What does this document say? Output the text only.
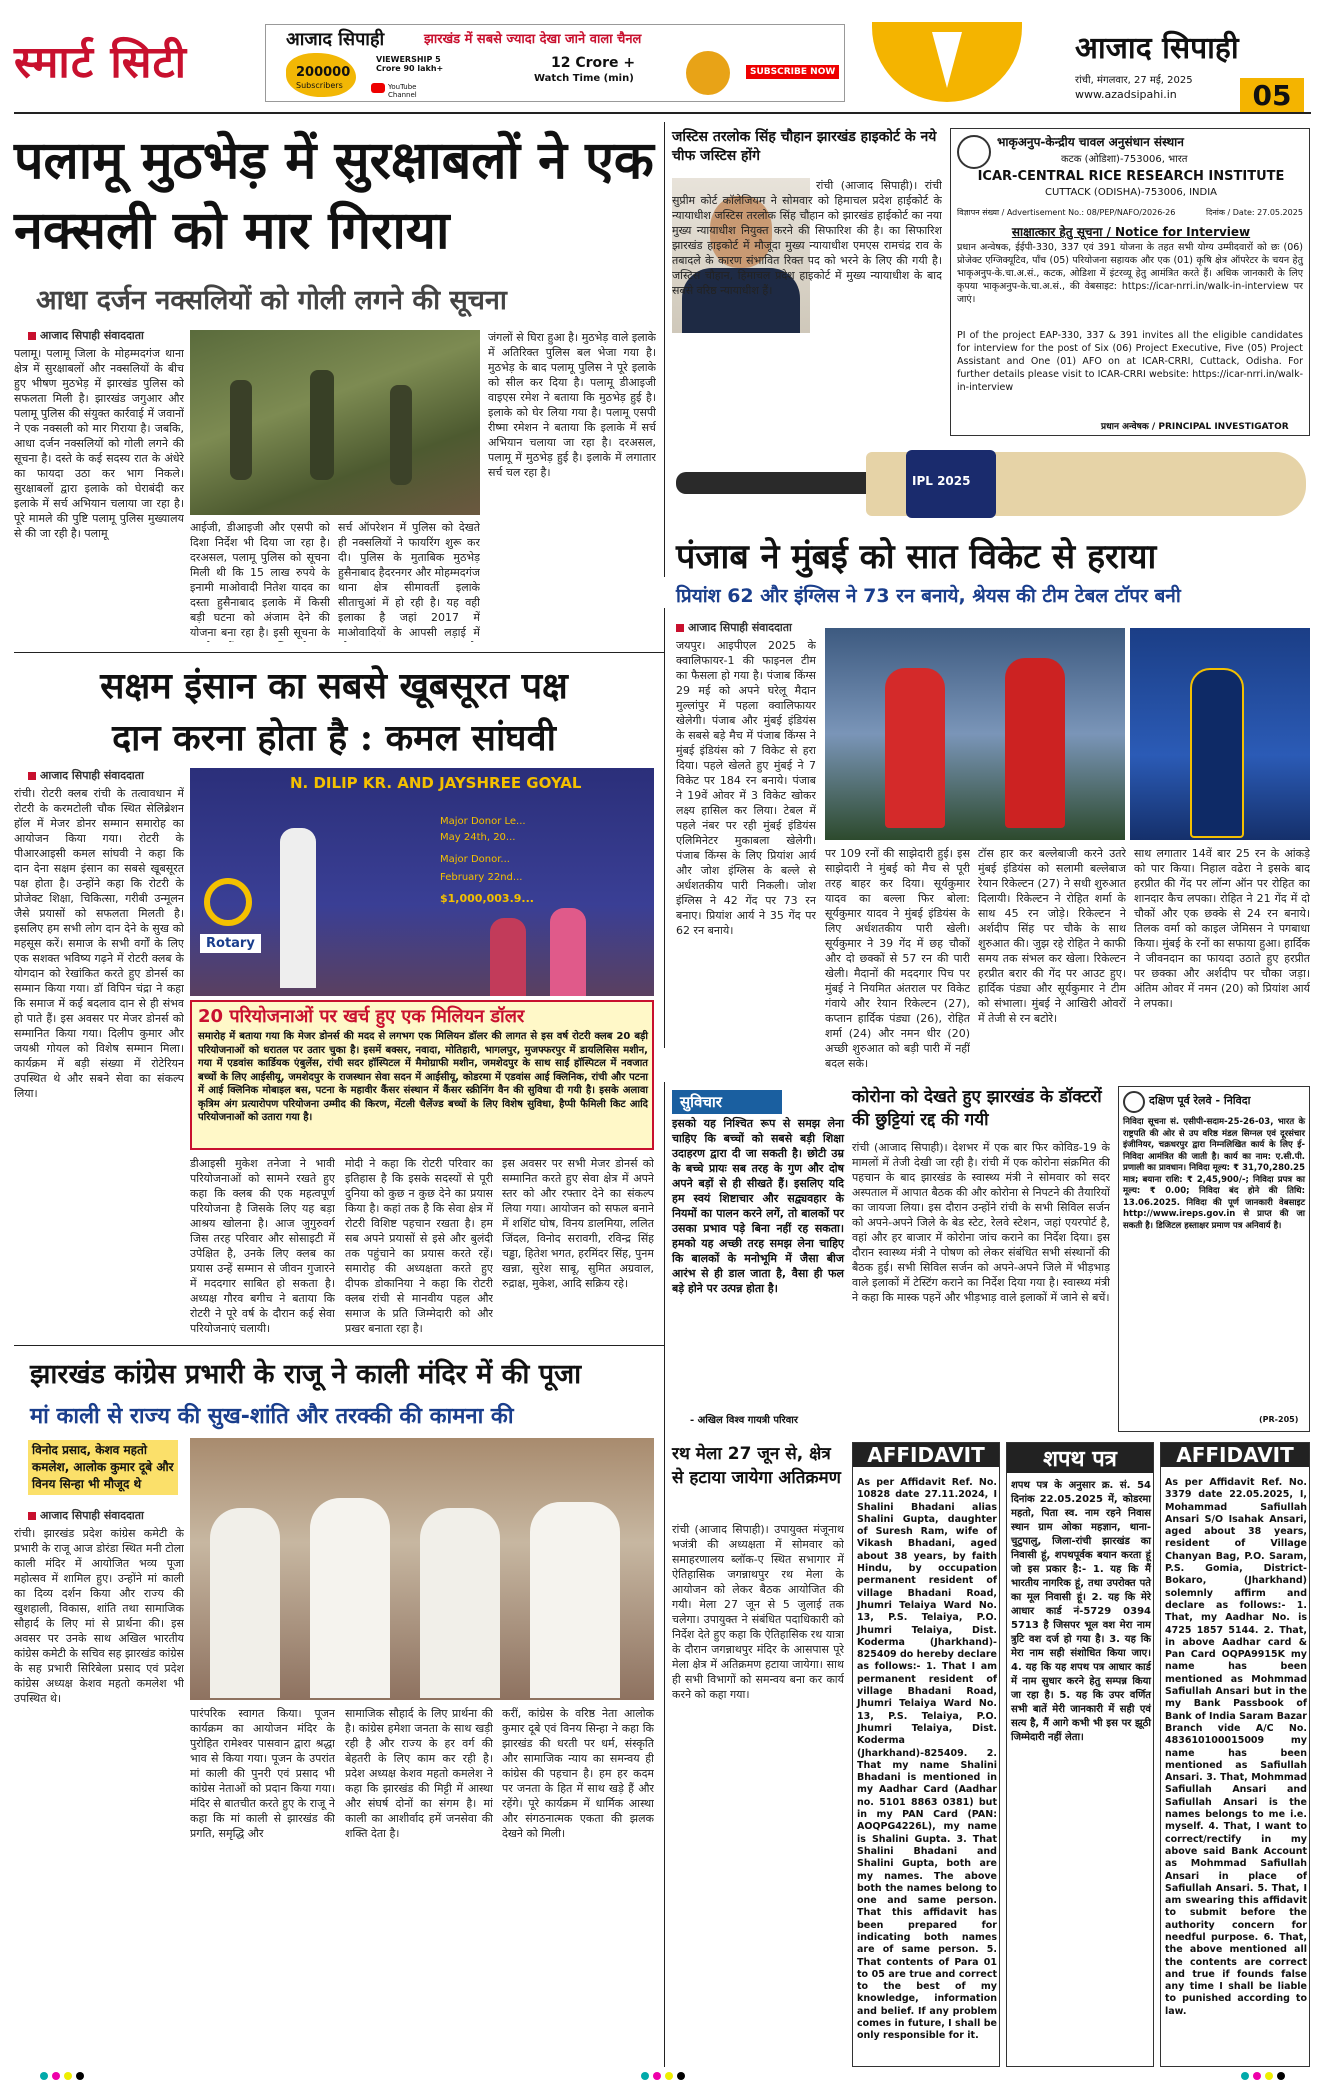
स्मार्ट सिटी	आजाद सिपाही	झारखंड में सबसे ज्यादा देखा जाने वाला चैनल
200000
Subscribers
VIEWERSHIP 5 Crore 90 lakh+
YouTube Channel
12 Crore +
Watch Time (min)
SUBSCRIBE NOW
आजाद सिपाही
रांची, मंगलवार, 27 मई, 2025
www.azadsipahi.in	05
पलामू मुठभेड़ में सुरक्षाबलों ने एक नक्सली को मार गिराया
आधा दर्जन नक्सलियों को गोली लगने की सूचना
आजाद सिपाही संवाददाता
पलामू। पलामू जिला के मोहम्मदगंज थाना क्षेत्र में सुरक्षाबलों और नक्सलियों के बीच हुए भीषण मुठभेड़ में झारखंड पुलिस को सफलता मिली है। झारखंड जगुआर और पलामू पुलिस की संयुक्त कार्रवाई में जवानों ने एक नक्सली को मार गिराया है। जबकि, आधा दर्जन नक्सलियों को गोली लगने की सूचना है। दस्ते के कई सदस्य रात के अंधेरे का फायदा उठा कर भाग निकले। सुरक्षाबलों द्वारा इलाके को घेराबंदी कर इलाके में सर्च अभियान चलाया जा रहा है। पूरे मामले की पुष्टि पलामू पुलिस मुख्यालय से की जा रही है। पलामू	आईजी, डीआइजी और एसपी को दिशा निर्देश भी दिया जा रहा है। दरअसल, पलामू पुलिस को सूचना मिली थी कि 15 लाख रुपये के इनामी माओवादी नितेश यादव का दस्ता हुसैनाबाद इलाके में किसी बड़ी घटना को अंजाम देने की योजना बना रहा है। इसी सूचना के
सर्च ऑपरेशन में पुलिस को देखते ही नक्सलियों ने फायरिंग शुरू कर दी। पुलिस के मुताबिक मुठभेड़ हुसैनाबाद हैदरनगर और मोहम्मदगंज थाना क्षेत्र सीमावर्ती इलाके सीताचुआं में हो रही है। यह वही इलाका है जहां 2017 में माओवादियों के आपसी लड़ाई में
जंगलों से घिरा हुआ है। मुठभेड़ वाले इलाके में अतिरिक्त पुलिस बल भेजा गया है। मुठभेड़ के बाद पलामू पुलिस ने पूरे इलाके को सील कर दिया है। पलामू डीआइजी वाइएस रमेश ने बताया कि मुठभेड़ हुई है। इलाके को घेर लिया गया है। पलामू एसपी रीष्मा रमेशन ने बताया कि इलाके में सर्च अभियान चलाया जा रहा है। दरअसल, पलामू में मुठभेड़ हुई है। इलाके में लगातार सर्च चल रहा है।
जस्टिस तरलोक सिंह चौहान झारखंड हाइकोर्ट के नये चीफ जस्टिस होंगे
रांची (आजाद सिपाही)। रांची सुप्रीम कोर्ट कॉलेजियम ने सोमवार को हिमाचल प्रदेश हाईकोर्ट के न्यायाधीश जस्टिस तरलोक सिंह चौहान को झारखंड हाईकोर्ट का नया मुख्य न्यायाधीश नियुक्त करने की सिफारिश की है। का सिफारिश झारखंड हाइकोर्ट में मौजूदा मुख्य न्यायाधीश एमएस रामचंद्र राव के तबादले के कारण संभावित रिक्त पद को भरने के लिए की गयी है। जस्टिस चौहान, हिमाचल प्रदेश हाइकोर्ट में मुख्य न्यायाधीश के बाद सबसे वरिष्ठ न्यायाधीश हैं।
भाकृअनुप-केन्द्रीय चावल अनुसंधान संस्थान
कटक (ओडिशा)-753006, भारत
ICAR-CENTRAL RICE RESEARCH INSTITUTE
CUTTACK (ODISHA)-753006, INDIA
विज्ञापन संख्या / Advertisement No.: 08/PEP/NAFO/2026-26	दिनांक / Date: 27.05.2025
साक्षात्कार हेतु सूचना / Notice for Interview
प्रधान अन्वेषक, ईईपी-330, 337 एवं 391 योजना के तहत सभी योग्य उम्मीदवारों को छः (06) प्रोजेक्ट एग्जिक्यूटिव, पाँच (05) परियोजना सहायक और एक (01) कृषि क्षेत्र ऑपरेटर के चयन हेतु भाकृअनुप-के.चा.अ.सं., कटक, ओडिशा में इंटरव्यू हेतु आमंत्रित करते हैं। अधिक जानकारी के लिए कृपया भाकृअनुप-के.चा.अ.सं., की वेबसाइट: https://icar-nrri.in/walk-in-interview पर जाएं।
PI of the project EAP-330, 337 & 391 invites all the eligible candidates for interview for the post of Six (06) Project Executive, Five (05) Project Assistant and One (01) AFO on at ICAR-CRRI, Cuttack, Odisha. For further details please visit to ICAR-CRRI website: https://icar-nrri.in/walk-in-interview
प्रधान अन्वेषक / PRINCIPAL INVESTIGATOR
IPL 2025
पंजाब ने मुंबई को सात विकेट से हराया
प्रियांश 62 और इंग्लिस ने 73 रन बनाये, श्रेयस की टीम टेबल टॉपर बनी
आजाद सिपाही संवाददाता
जयपुर। आइपीएल 2025 के क्वालिफायर-1 की फाइनल टीम का फैसला हो गया है। पंजाब किंग्स 29 मई को अपने घरेलू मैदान मुल्लांपुर में पहला क्वालिफायर खेलेगी। पंजाब और मुंबई इंडियंस के सबसे बड़े मैच में पंजाब किंग्स ने मुंबई इंडियंस को 7 विकेट से हरा दिया। पहले खेलते हुए मुंबई ने 7 विकेट पर 184 रन बनाये। पंजाब ने 19वें ओवर में 3 विकेट खोकर लक्ष्य हासिल कर लिया। टेबल में पहले नंबर पर रही मुंबई इंडियंस एलिमिनेटर मुकाबला खेलेगी। पंजाब किंग्स के लिए प्रियांश आर्य और जोश इंग्लिस के बल्ले से अर्धशतकीय पारी निकली। जोश इंग्लिस ने 42 गेंद पर 73 रन बनाए। प्रियांश आर्य ने 35 गेंद पर 62 रन बनाये।
पर 109 रनों की साझेदारी हुई। इस साझेदारी ने मुंबई को मैच से पूरी तरह बाहर कर दिया। सूर्यकुमार यादव का बल्ला फिर बोला: सूर्यकुमार यादव ने मुंबई इंडियंस के लिए अर्धशतकीय पारी खेली। सूर्यकुमार ने 39 गेंद में छह चौकों और दो छक्कों से 57 रन की पारी खेली। मैदानों की मददगार पिच पर मुंबई ने नियमित अंतराल पर विकेट गंवाये और रेयान रिकेल्टन (27), कप्तान हार्दिक पंड्या (26), रोहित शर्मा (24) और नमन धीर (20) अच्छी शुरुआत को बड़ी पारी में नहीं बदल सके।
टॉस हार कर बल्लेबाजी करने उतरे मुंबई इंडियंस को सलामी बल्लेबाज रेयान रिकेल्टन (27) ने सधी शुरुआत दिलायी। रिकेल्टन ने रोहित शर्मा के साथ 45 रन जोड़े। रिकेल्टन ने अर्शदीप सिंह पर चौके के साथ शुरुआत की। जुझ रहे रोहित ने काफी समय तक संभल कर खेला। रिकेल्टन हरप्रीत बरार की गेंद पर आउट हुए। हार्दिक पंड्या और सूर्यकुमार ने टीम को संभाला। मुंबई ने आखिरी ओवरों में तेजी से रन बटोरे।
साथ लगातार 14वें बार 25 रन के आंकड़े को पार किया। निहाल वढेरा ने इसके बाद हरप्रीत की गेंद पर लॉन्ग ऑन पर रोहित का शानदार कैच लपका। रोहित ने 21 गेंद में दो चौकों और एक छक्के से 24 रन बनाये। तिलक वर्मा को काइल जेमिसन ने पगबाधा किया। मुंबई के रनों का सफाया हुआ। हार्दिक ने जीवनदान का फायदा उठाते हुए हरप्रीत पर छक्का और अर्शदीप पर चौका जड़ा। अंतिम ओवर में नमन (20) को प्रियांश आर्य ने लपका।
सक्षम इंसान का सबसे खूबसूरत पक्ष
दान करना होता है : कमल सांघवी
आजाद सिपाही संवाददाता
रांची। रोटरी क्लब रांची के तत्वावधान में रोटरी के करमटोली चौक स्थित सेलिब्रेशन हॉल में मेजर डोनर सम्मान समारोह का आयोजन किया गया। रोटरी के पीआरआइसी कमल सांघवी ने कहा कि दान देना सक्षम इंसान का सबसे खूबसूरत पक्ष होता है। उन्होंने कहा कि रोटरी के प्रोजेक्ट शिक्षा, चिकित्सा, गरीबी उन्मूलन जैसे प्रयासों को सफलता मिलती है। इसलिए हम सभी लोग दान देने के सुख को महसूस करें। समाज के सभी वर्गों के लिए एक सशक्त भविष्य गढ़ने में रोटरी क्लब के योगदान को रेखांकित करते हुए डोनर्स का सम्मान किया गया। डॉ विपिन चंद्रा ने कहा कि समाज में कई बदलाव दान से ही संभव हो पाते हैं। इस अवसर पर मेजर डोनर्स को सम्मानित किया गया। दिलीप कुमार और जयश्री गोयल को विशेष सम्मान मिला। कार्यक्रम में बड़ी संख्या में रोटेरियन उपस्थित थे और सबने सेवा का संकल्प लिया।
N. DILIP KR. AND JAYSHREE GOYAL
Major Donor Le...
May 24th, 20...
Major Donor...
February 22nd...
$1,000,003.9...
Rotary
20 परियोजनाओं पर खर्च हुए एक मिलियन डॉलर
समारोह में बताया गया कि मेजर डोनर्स की मदद से लगभग एक मिलियन डॉलर की लागत से इस वर्ष रोटरी क्लब 20 बड़ी परियोजनाओं को धरातल पर उतार चुका है। इसमें बक्सर, नवादा, मोतिहारी, भागलपुर, मुजफ्फरपुर में डायलिसिस मशीन, गया में एडवांस कार्डियक एंबुलेंस, रांची सदर हॉस्पिटल में मैमोग्राफी मशीन, जमशेदपुर के साथ साईं हॉस्पिटल में नवजात बच्चों के लिए आईसीयू, जमशेदपुर के राजस्थान सेवा सदन में आईसीयू, कोडरमा में एडवांस आई क्लिनिक, रांची और पटना में आई क्लिनिक मोबाइल बस, पटना के महावीर कैंसर संस्थान में कैंसर स्क्रीनिंग वैन की सुविधा दी गयी है। इसके अलावा कृत्रिम अंग प्रत्यारोपण परियोजना उम्मीद की किरण, मेंटली चैलेंज्ड बच्चों के लिए विशेष सुविधा, हैप्पी फैमिली किट आदि परियोजनाओं को उतारा गया है।
डीआइसी मुकेश तनेजा ने भावी परियोजनाओं को सामने रखते हुए कहा कि क्लब की एक महत्वपूर्ण परियोजना है जिसके लिए यह बड़ा आश्रय खोलना है। आज जुगुरुवर्ग जिस तरह परिवार और सोसाइटी में उपेक्षित है, उनके लिए क्लब का प्रयास उन्हें सम्मान से जीवन गुजारने में मददगार साबित हो सकता है। अध्यक्ष गौरव बगीच ने बताया कि रोटरी ने पूरे वर्ष के दौरान कई सेवा परियोजनाएं चलायी।
मोदी ने कहा कि रोटरी परिवार का इतिहास है कि इसके सदस्यों से पूरी दुनिया को कुछ न कुछ देने का प्रयास किया है। कहां तक है कि सेवा क्षेत्र में रोटरी विशिष्ट पहचान रखता है। हम सब अपने प्रयासों से इसे और बुलंदी तक पहुंचाने का प्रयास करते रहें। समारोह की अध्यक्षता करते हुए दीपक डोकानिया ने कहा कि रोटरी क्लब रांची से मानवीय पहल और समाज के प्रति जिम्मेदारी को और प्रखर बनाता रहा है।
इस अवसर पर सभी मेजर डोनर्स को सम्मानित करते हुए सेवा क्षेत्र में अपने स्तर को और रफ्तार देने का संकल्प लिया गया। आयोजन को सफल बनाने में शशिंट घोष, विनय डालमिया, ललित जिंदल, विनोद सरावगी, रविन्द्र सिंह चड्ढा, हितेश भगत, हरमिंदर सिंह, पुनम खन्ना, सुरेश साबू, सुमित अग्रवाल, रुद्राक्ष, मुकेश, आदि सक्रिय रहे।
झारखंड कांग्रेस प्रभारी के राजू ने काली मंदिर में की पूजा
मां काली से राज्य की सुख-शांति और तरक्की की कामना की
विनोद प्रसाद, केशव महतो कमलेश, आलोक कुमार दूबे और विनय सिन्हा भी मौजूद थे
आजाद सिपाही संवाददाता
रांची। झारखंड प्रदेश कांग्रेस कमेटी के प्रभारी के राजू आज डोरंडा स्थित मनी टोला काली मंदिर में आयोजित भव्य पूजा महोत्सव में शामिल हुए। उन्होंने मां काली का दिव्य दर्शन किया और राज्य की खुशहाली, विकास, शांति तथा सामाजिक सौहार्द के लिए मां से प्रार्थना की। इस अवसर पर उनके साथ अखिल भारतीय कांग्रेस कमेटी के सचिव सह झारखंड कांग्रेस के सह प्रभारी सिरिबेला प्रसाद एवं प्रदेश कांग्रेस अध्यक्ष केशव महतो कमलेश भी उपस्थित थे।
पारंपरिक स्वागत किया। पूजन कार्यक्रम का आयोजन मंदिर के पुरोहित रामेश्वर पासवान द्वारा श्रद्धा भाव से किया गया। पूजन के उपरांत मां काली की पुनरी एवं प्रसाद भी कांग्रेस नेताओं को प्रदान किया गया। मंदिर से बातचीत करते हुए के राजू ने कहा कि मां काली से झारखंड की प्रगति, समृद्धि और
सामाजिक सौहार्द के लिए प्रार्थना की है। कांग्रेस हमेशा जनता के साथ खड़ी रही है और राज्य के हर वर्ग की बेहतरी के लिए काम कर रही है। प्रदेश अध्यक्ष केशव महतो कमलेश ने कहा कि झारखंड की मिट्टी में आस्था और संघर्ष दोनों का संगम है। मां काली का आशीर्वाद हमें जनसेवा की शक्ति देता है।
करीं, कांग्रेस के वरिष्ठ नेता आलोक कुमार दूबे एवं विनय सिन्हा ने कहा कि झारखंड की धरती पर धर्म, संस्कृति और सामाजिक न्याय का समन्वय ही कांग्रेस की पहचान है। हम हर कदम पर जनता के हित में साथ खड़े हैं और रहेंगे। पूरे कार्यक्रम में धार्मिक आस्था और संगठनात्मक एकता की झलक देखने को मिली।
सुविचार
इसको यह निश्चित रूप से समझ लेना चाहिए कि बच्चों को सबसे बड़ी शिक्षा उदाहरण द्वारा दी जा सकती है। छोटी उम्र के बच्चे प्रायः सब तरह के गुण और दोष अपने बड़ों से ही सीखते हैं। इसलिए यदि हम स्वयं शिष्टाचार और सद्व्यवहार के नियमों का पालन करने लगें, तो बालकों पर उसका प्रभाव पड़े बिना नहीं रह सकता। हमको यह अच्छी तरह समझ लेना चाहिए कि बालकों के मनोभूमि में जैसा बीज आरंभ से ही डाल जाता है, वैसा ही फल बड़े होने पर उत्पन्न होता है।
- अखिल विश्व गायत्री परिवार
कोरोना को देखते हुए झारखंड के डॉक्टरों की छुट्टियां रद्द की गयी
रांची (आजाद सिपाही)। देशभर में एक बार फिर कोविड-19 के मामलों में तेजी देखी जा रही है। रांची में एक कोरोना संक्रमित की पहचान के बाद झारखंड के स्वास्थ्य मंत्री ने सोमवार को सदर अस्पताल में आपात बैठक की और कोरोना से निपटने की तैयारियों का जायजा लिया। इस दौरान उन्होंने रांची के सभी सिविल सर्जन को अपने-अपने जिले के बेड स्टेट, रेलवे स्टेशन, जहां एयरपोर्ट है, वहां और हर बाजार में कोरोना जांच कराने का निर्देश दिया। इस दौरान स्वास्थ्य मंत्री ने पोषण को लेकर संबंधित सभी संस्थानों की बैठक हुई। सभी सिविल सर्जन को अपने-अपने जिले में भीड़भाड़ वाले इलाकों में टेस्टिंग कराने का निर्देश दिया गया है। स्वास्थ्य मंत्री ने कहा कि मास्क पहनें और भीड़भाड़ वाले इलाकों में जाने से बचें।
दक्षिण पूर्व रेलवे - निविदा
निविदा सूचना सं. एसीपी-सदाम-25-26-03, भारत के राष्ट्रपति की ओर से उप वरिष्ठ मंडल सिग्नल एवं दूरसंचार इंजीनियर, चक्रधरपुर द्वारा निम्नलिखित कार्य के लिए ई-निविदा आमंत्रित की जाती है। कार्य का नाम: ए.सी.पी. प्रणाली का प्रावधान। निविदा मूल्य: ₹ 31,70,280.25 मात्र; बयाना राशि: ₹ 2,45,900/-; निविदा प्रपत्र का मूल्य: ₹ 0.00; निविदा बंद होने की तिथि: 13.06.2025. निविदा की पूर्ण जानकारी वेबसाइट http://www.ireps.gov.in से प्राप्त की जा सकती है। डिजिटल हस्ताक्षर प्रमाण पत्र अनिवार्य है।
(PR-205)
रथ मेला 27 जून से, क्षेत्र से हटाया जायेगा अतिक्रमण
रांची (आजाद सिपाही)। उपायुक्त मंजूनाथ भजंत्री की अध्यक्षता में सोमवार को समाहरणालय ब्लॉक-ए स्थित सभागार में ऐतिहासिक जगन्नाथपुर रथ मेला के आयोजन को लेकर बैठक आयोजित की गयी। मेला 27 जून से 5 जुलाई तक चलेगा। उपायुक्त ने संबंधित पदाधिकारी को निर्देश देते हुए कहा कि ऐतिहासिक रथ यात्रा के दौरान जगन्नाथपुर मंदिर के आसपास पूरे मेला क्षेत्र में अतिक्रमण हटाया जायेगा। साथ ही सभी विभागों को समन्वय बना कर कार्य करने को कहा गया।
AFFIDAVIT
As per Affidavit Ref. No. 10828 date 27.11.2024, I Shalini Bhadani alias Shalini Gupta, daughter of Suresh Ram, wife of Vikash Bhadani, aged about 38 years, by faith Hindu, by occupation permanent resident of village Bhadani Road, Jhumri Telaiya Ward No. 13, P.S. Telaiya, P.O. Jhumri Telaiya, Dist. Koderma (Jharkhand)- 825409 do hereby declare as follows:- 1. That I am permanent resident of village Bhadani Road, Jhumri Telaiya Ward No. 13, P.S. Telaiya, P.O. Jhumri Telaiya, Dist. Koderma (Jharkhand)-825409. 2. That my name Shalini Bhadani is mentioned in my Aadhar Card (Aadhar no. 5101 8863 0381) but in my PAN Card (PAN: AOQPG4226L), my name is Shalini Gupta. 3. That Shalini Bhadani and Shalini Gupta, both are my names. The above both the names belong to one and same person. That this affidavit has been prepared for indicating both names are of same person. 5. That contents of Para 01 to 05 are true and correct to the best of my knowledge, information and belief. If any problem comes in future, I shall be only responsible for it.
शपथ पत्र
शपथ पत्र के अनुसार क्र. सं. 54 दिनांक 22.05.2025 में, कोडरमा महतो, पिता स्व. नाम रहने निवास स्थान ग्राम ओका महज्ञान, थाना-चुटुपालु, जिला-रांची झारखंड का निवासी हूं, शपथपूर्वक बयान करता हूं जो इस प्रकार है:- 1. यह कि मैं भारतीय नागरिक हूं, तथा उपरोक्त पते का मूल निवासी हूं। 2. यह कि मेरे आधार कार्ड नं-5729 0394 5713 है जिसपर भूल वश मेरा नाम त्रुटि वश दर्ज हो गया है। 3. यह कि मेरा नाम सही संशोधित किया जाए। 4. यह कि यह शपथ पत्र आधार कार्ड में नाम सुधार करने हेतु सम्पन्न किया जा रहा है। 5. यह कि उपर वर्णित सभी बातें मेरी जानकारी में सही एवं सत्य है, मैं आगे कभी भी इस पर झूठी जिम्मेदारी नहीं लेता।
AFFIDAVIT
As per Affidavit Ref. No. 3379 date 22.05.2025, I, Mohammad Safiullah Ansari S/O Isahak Ansari, aged about 38 years, resident of Village Chanyan Bag, P.O. Saram, P.S. Gomia, District-Bokaro, (Jharkhand) solemnly affirm and declare as follows:- 1. That, my Aadhar No. is 4725 1857 5144. 2. That, in above Aadhar card & Pan Card OQPA9915K my name has been mentioned as Mohmmad Safiullah Ansari but in the my Bank Passbook of Bank of India Saram Bazar Branch vide A/C No. 483610100015009 my name has been mentioned as Safiullah Ansari. 3. That, Mohmmad Safiullah Ansari and Safiullah Ansari is the names belongs to me i.e. myself. 4. That, I want to correct/rectify in my above said Bank Account as Mohmmad Safiullah Ansari in place of Safiullah Ansari. 5. That, I am swearing this affidavit to submit before the authority concern for needful purpose. 6. That, the above mentioned all the contents are correct and true if founds false any time I shall be liable to punished according to law.
